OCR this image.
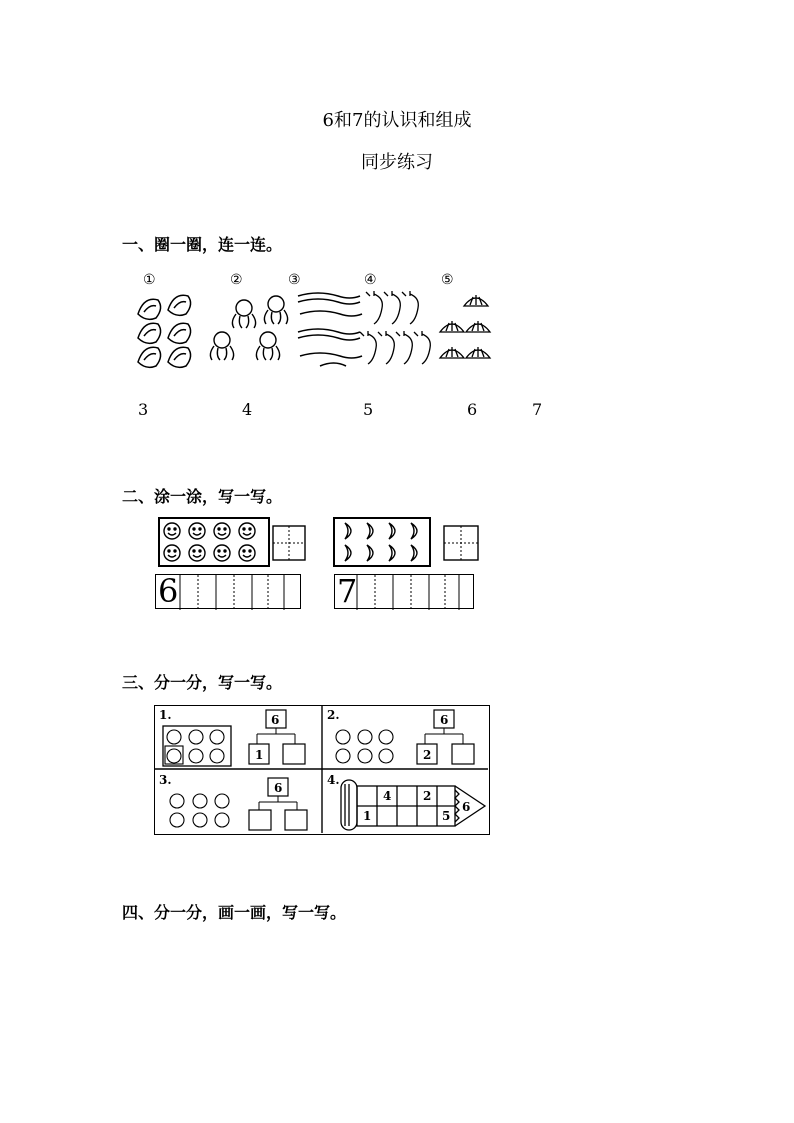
6和7的认识和组成
同步练习
一、圈一圈，连一连。
①	②	③	④	⑤
3	4	5	6	7
二、涂一涂，写一写。
6	7
三、分一分，写一写。
1.	6
1
2.	6
2
3.
6
4.
4	2
1	5
6
四、分一分，画一画，写一写。
